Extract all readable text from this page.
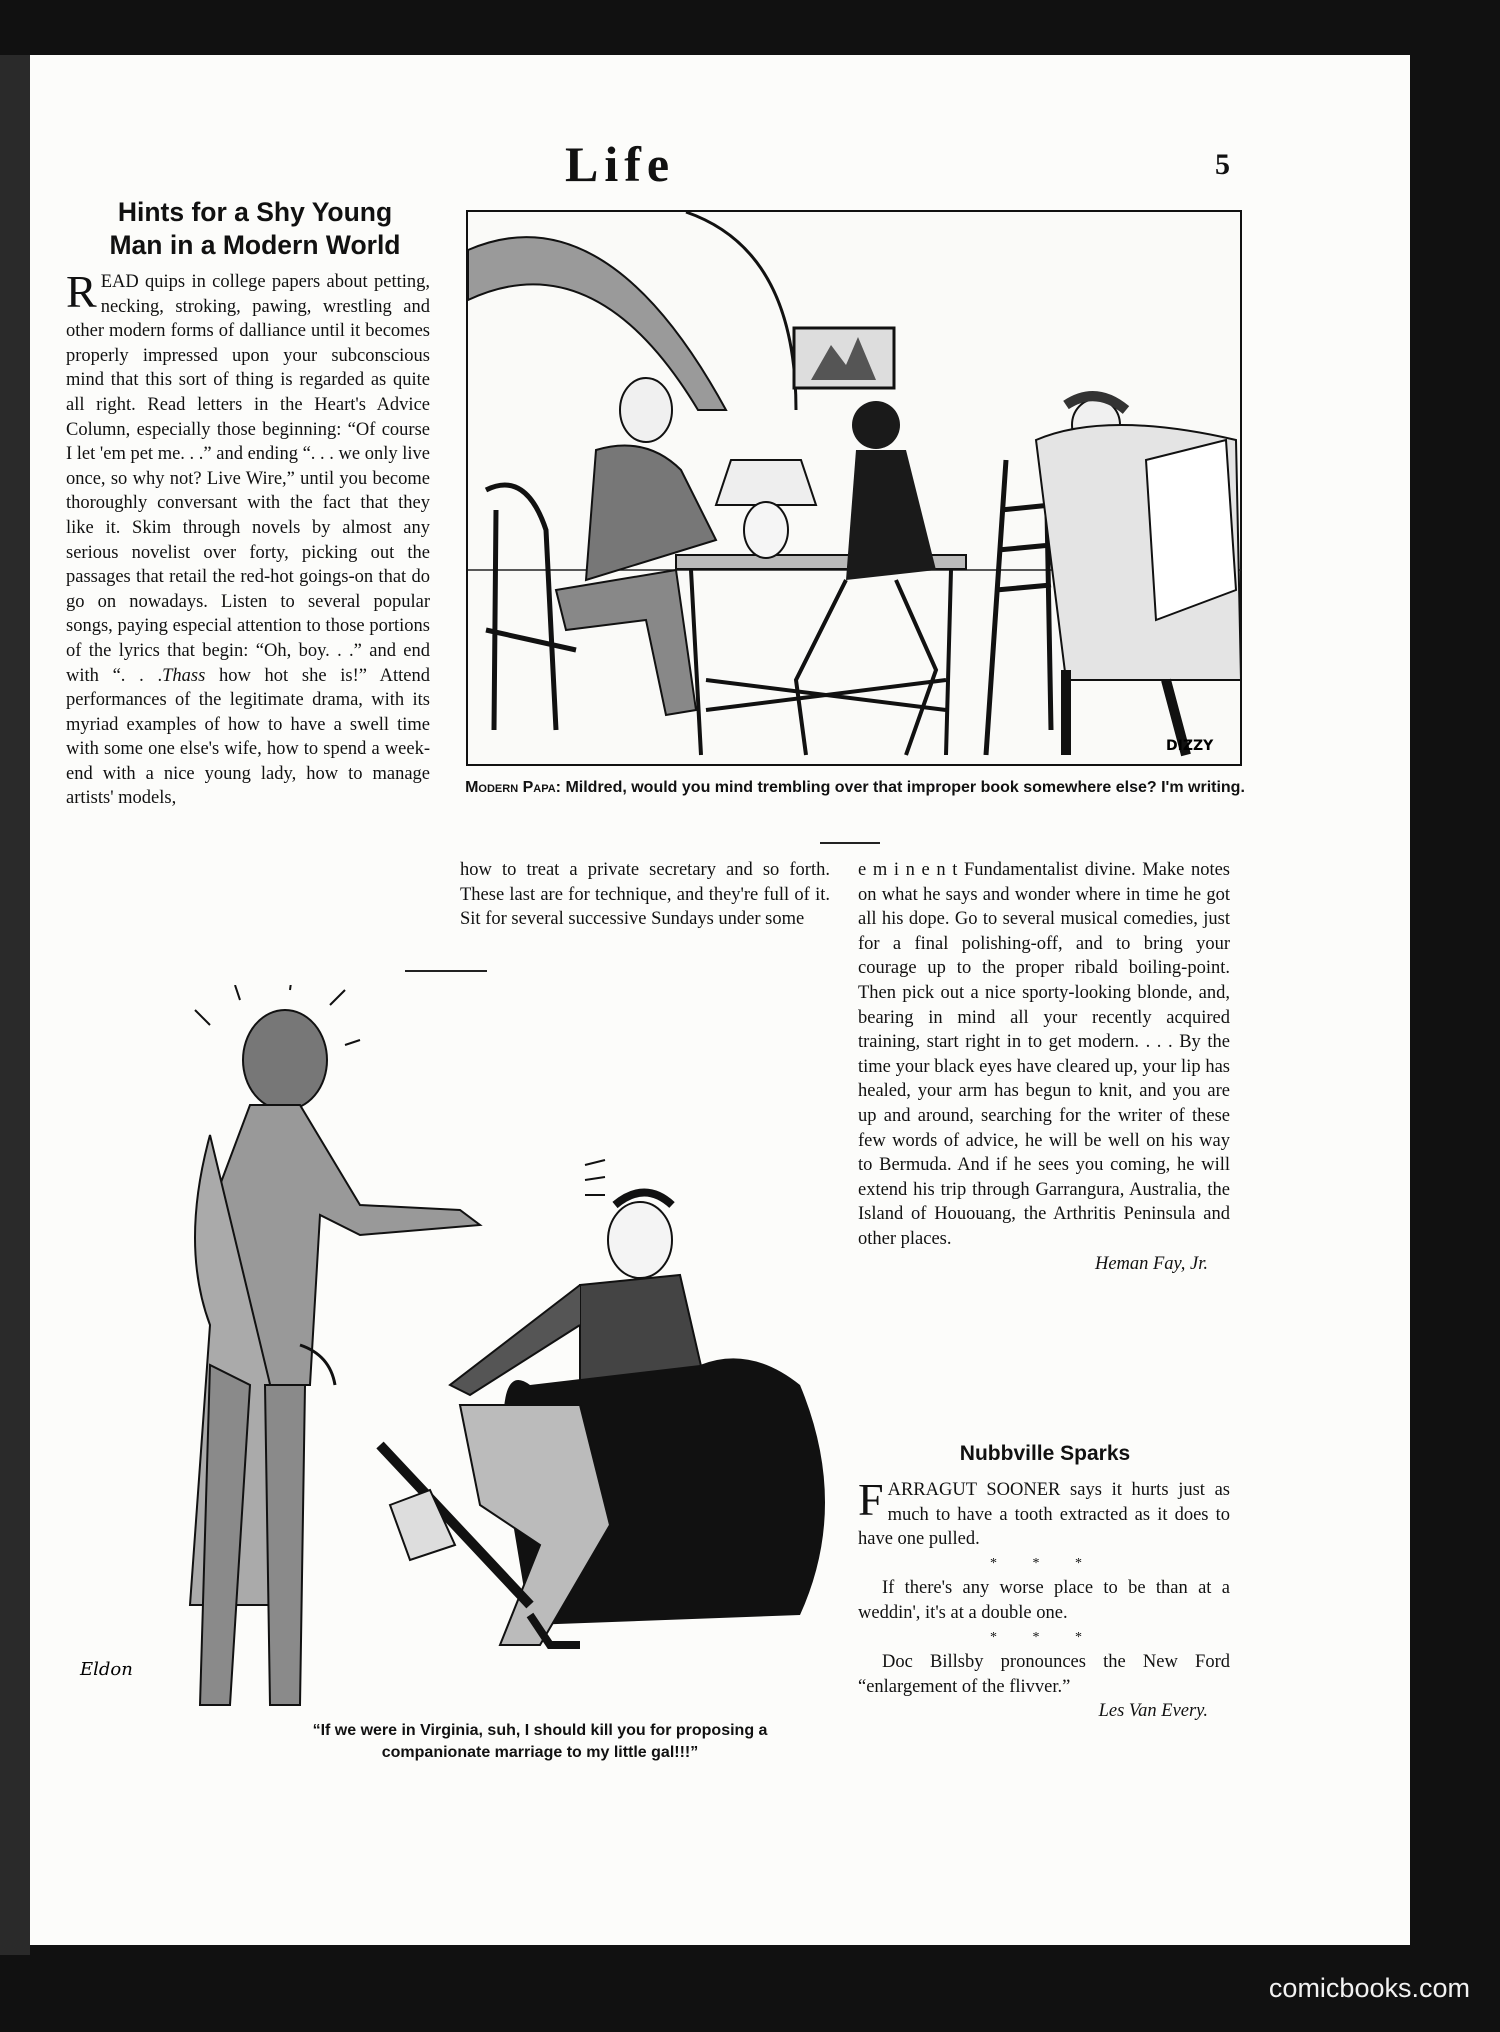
Life	5
Hints for a Shy Young
Man in a Modern World

READ quips in college papers about petting, necking, stroking, pawing, wrestling and other modern forms of dalliance until it becomes properly impressed upon your subconscious mind that this sort of thing is regarded as quite all right. Read letters in the Heart's Advice Column, especially those beginning: “Of course I let 'em pet me. . .” and ending “. . . we only live once, so why not? Live Wire,” until you become thoroughly conversant with the fact that they like it. Skim through novels by almost any serious novelist over forty, picking out the passages that retail the red-hot goings-on that do go on nowadays. Listen to several popular songs, paying especial attention to those portions of the lyrics that begin: “Oh, boy. . .” and end with “. . .Thass how hot she is!” Attend performances of the legitimate drama, with its myriad examples of how to have a swell time with some one else's wife, how to spend a week-end with a nice young lady, how to manage artists' models,

DIZZY
Modern Papa: Mildred, would you mind trembling over that improper book somewhere else? I'm writing.

how to treat a private secretary and so forth. These last are for technique, and they're full of it. Sit for several successive Sundays under some

e m i n e n t Fundamentalist divine. Make notes on what he says and wonder where in time he got all his dope. Go to several musical comedies, just for a final polishing-off, and to bring your courage up to the proper ribald boiling-point. Then pick out a nice sporty-looking blonde, and, bearing in mind all your recently acquired training, start right in to get modern. . . . By the time your black eyes have cleared up, your lip has healed, your arm has begun to knit, and you are up and around, searching for the writer of these few words of advice, he will be well on his way to Bermuda. And if he sees you coming, he will extend his trip through Garrangura, Australia, the Island of Hououang, the Arthritis Peninsula and other places.

Heman Fay, Jr.

Eldon
“If we were in Virginia, suh, I should kill you for proposing a companionate marriage to my little gal!!!”
Nubbville Sparks

FARRAGUT SOONER says it hurts just as much to have a tooth extracted as it does to have one pulled.

* * *

If there's any worse place to be than at a weddin', it's at a double one.

* * *

Doc Billsby pronounces the New Ford “enlargement of the flivver.”

Les Van Every.

comicbooks.com
